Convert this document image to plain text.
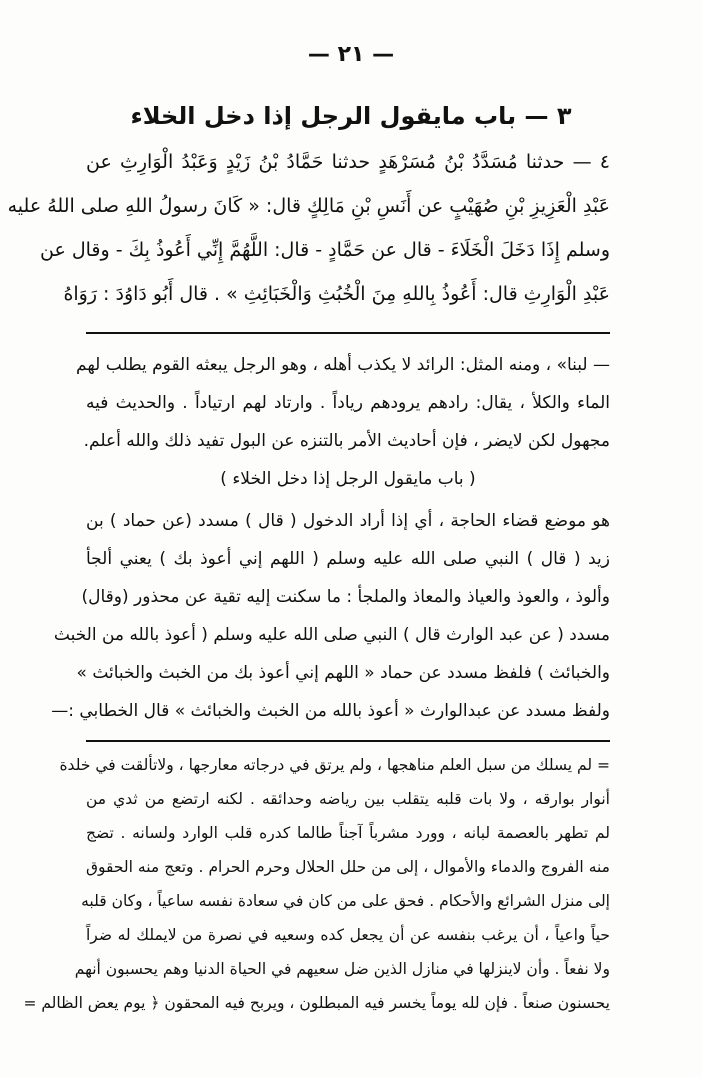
— ٢١ —
٣ — باب مايقول الرجل إذا دخل الخلاء
٤ — حدثنا مُسَدَّدُ بْنُ مُسَرْهَدٍ حدثنا حَمَّادُ بْنُ زَيْدٍ وَعَبْدُ الْوَارِثِ عن
عَبْدِ الْعَزِيزِ بْنِ صُهَيْبٍ عن أَنَسِ بْنِ مَالِكٍ قال: « كَانَ رسولُ اللهِ صلى اللهُ عليه
وسلم إِذَا دَخَلَ الْخَلَاءَ - قال عن حَمَّادٍ - قال: اللَّهُمَّ إِنِّي أَعُوذُ بِكَ - وقال عن
عَبْدِ الْوَارِثِ قال: أَعُوذُ بِاللهِ مِنَ الْخُبُثِ وَالْخَبَائِثِ » . قال أَبُو دَاوُدَ : رَوَاهُ
— لبنا» ، ومنه المثل: الرائد لا يكذب أهله ، وهو الرجل يبعثه القوم يطلب لهم
الماء والكلأ ، يقال: رادهم يرودهم رياداً . وارتاد لهم ارتياداً . والحديث فيه
مجهول لكن لايضر ، فإن أحاديث الأمر بالتنزه عن البول تفيد ذلك والله أعلم.
( باب مايقول الرجل إذا دخل الخلاء )
هو موضع قضاء الحاجة ، أي إذا أراد الدخول ( قال ) مسدد (عن حماد ) بن
زيد ( قال ) النبي صلى الله عليه وسلم ( اللهم إني أعوذ بك ) يعني ألجأ
وألوذ ، والعوذ والعياذ والمعاذ والملجأ : ما سكنت إليه تقية عن محذور (وقال)
مسدد ( عن عبد الوارث قال ) النبي صلى الله عليه وسلم ( أعوذ بالله من الخبث
والخبائث ) فلفظ مسدد عن حماد « اللهم إني أعوذ بك من الخبث والخبائث »
ولفظ مسدد عن عبدالوارث « أعوذ بالله من الخبث والخبائث » قال الخطابي :—
= لم يسلك من سبل العلم مناهجها ، ولم يرتق في درجاته معارجها ، ولاتألقت في خلدة
أنوار بوارقه ، ولا بات قلبه يتقلب بين رياضه وحدائقه . لكنه ارتضع من ثدي من
لم تطهر بالعصمة لبانه ، وورد مشرباً آجناً طالما كدره قلب الوارد ولسانه . تضج
منه الفروج والدماء والأموال ، إلى من حلل الحلال وحرم الحرام . وتعج منه الحقوق
إلى منزل الشرائع والأحكام . فحق على من كان في سعادة نفسه ساعياً ، وكان قلبه
حياً واعياً ، أن يرغب بنفسه عن أن يجعل كده وسعيه في نصرة من لايملك له ضراً
ولا نفعاً . وأن لاينزلها في منازل الذين ضل سعيهم في الحياة الدنيا وهم يحسبون أنهم
يحسنون صنعاً . فإن لله يوماً يخسر فيه المبطلون ، ويربح فيه المحقون ﴿ يوم يعض الظالم =
